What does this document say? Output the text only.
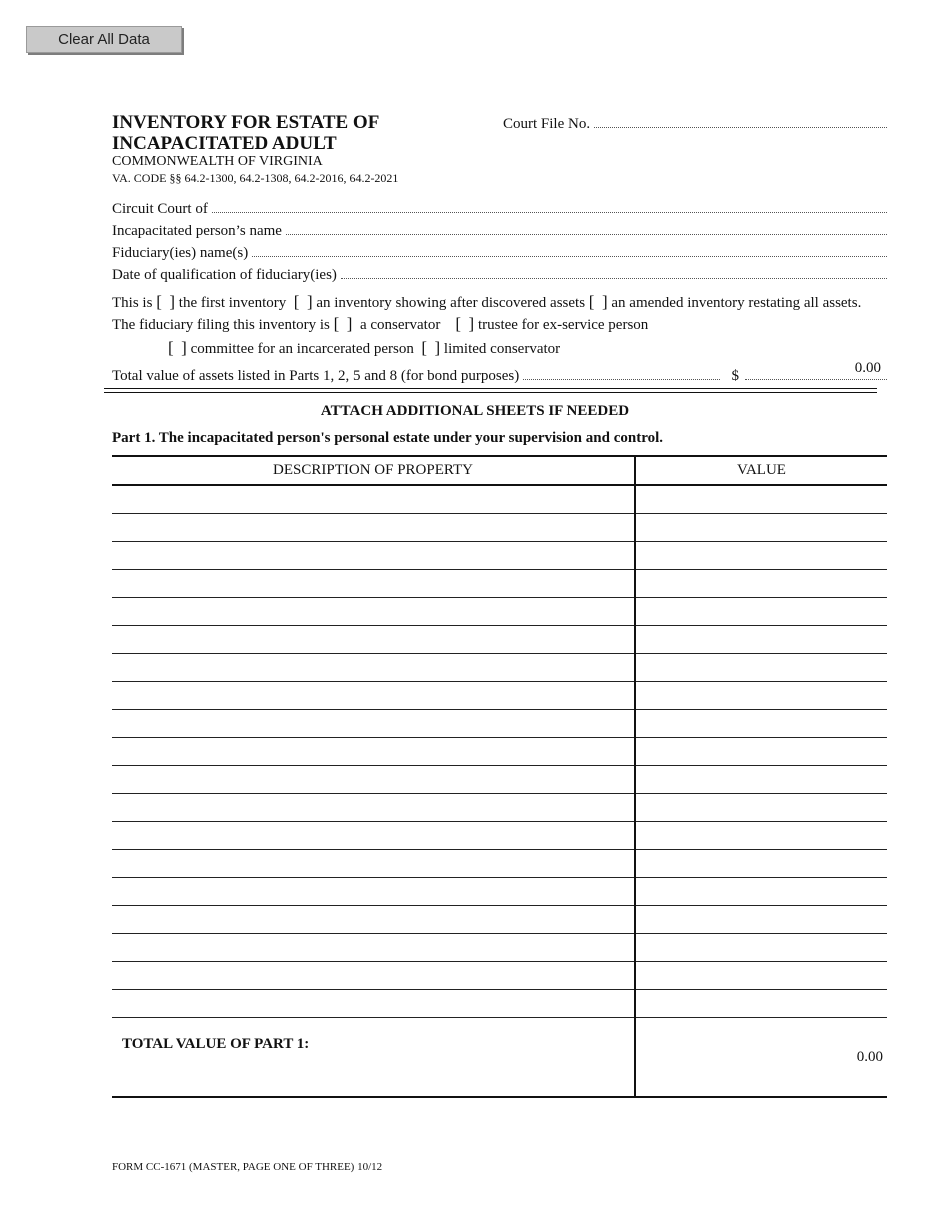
Clear All Data
INVENTORY FOR ESTATE OF
INCAPACITATED ADULT
COMMONWEALTH OF VIRGINIA
VA. CODE §§ 64.2-1300, 64.2-1308, 64.2-2016, 64.2-2021
Court File No.
Circuit Court of
Incapacitated person’s name
Fiduciary(ies) name(s)
Date of qualification of fiduciary(ies)
This is [ ] the first inventory [ ] an inventory showing after discovered assets [ ] an amended inventory restating all assets.
The fiduciary filing this inventory is [ ] a conservator [ ] trustee for ex-service person
[ ] committee for an incarcerated person [ ] limited conservator
Total value of assets listed in Parts 1, 2, 5 and 8 (for bond purposes)	$	0.00
ATTACH ADDITIONAL SHEETS IF NEEDED
Part 1. The incapacitated person's personal estate under your supervision and control.
DESCRIPTION OF PROPERTY	VALUE

TOTAL VALUE OF PART 1:	0.00
FORM CC-1671 (MASTER, PAGE ONE OF THREE) 10/12
